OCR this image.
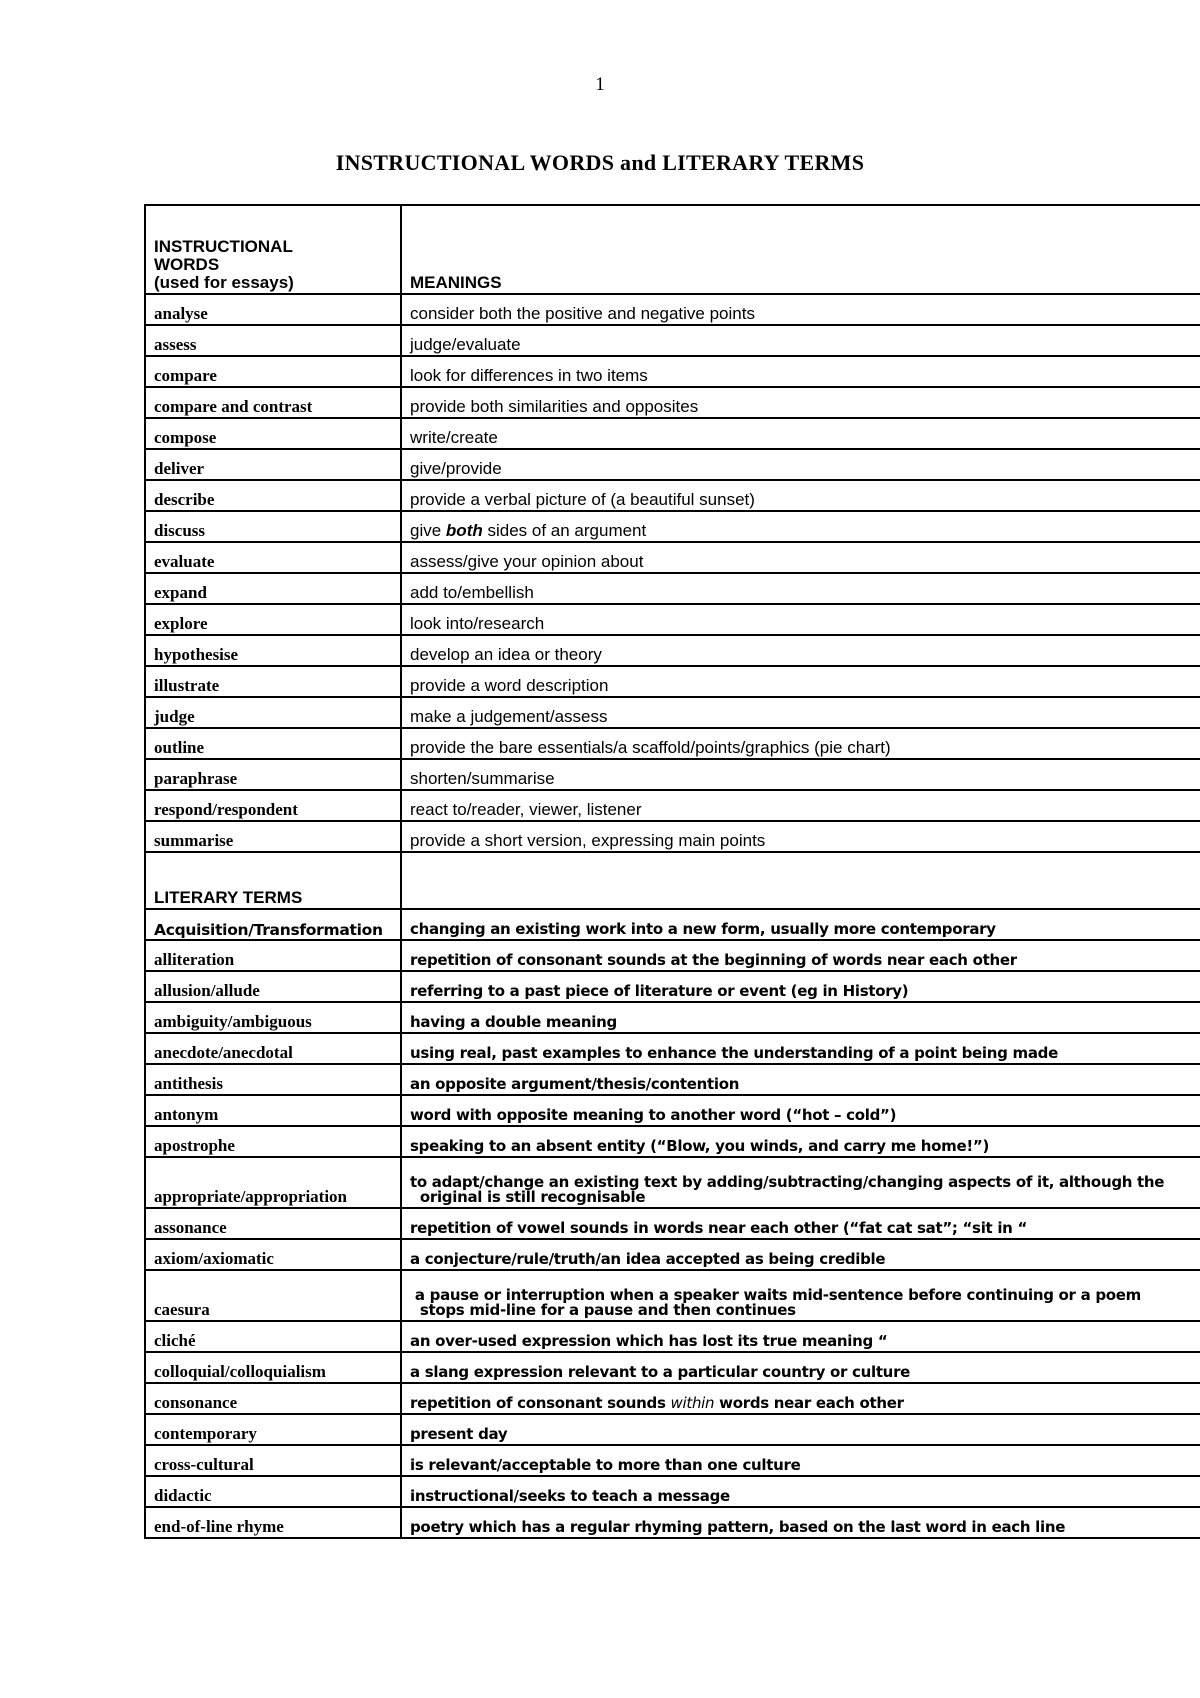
1
INSTRUCTIONAL WORDS and LITERARY TERMS
INSTRUCTIONAL
WORDS
(used for essays)	MEANINGS
analyse	consider both the positive and negative points
assess	judge/evaluate
compare	look for differences in two items
compare and contrast	provide both similarities and opposites
compose	write/create
deliver	give/provide
describe	provide a verbal picture of (a beautiful sunset)
discuss	give both sides of an argument
evaluate	assess/give your opinion about
expand	add to/embellish
explore	look into/research
hypothesise	develop an idea or theory
illustrate	provide a word description
judge	make a judgement/assess
outline	provide the bare essentials/a scaffold/points/graphics (pie chart)
paraphrase	shorten/summarise
respond/respondent	react to/reader, viewer, listener
summarise	provide a short version, expressing main points
LITERARY TERMS	
Acquisition/Transformation	changing an existing work into a new form, usually more contemporary
alliteration	repetition of consonant sounds at the beginning of words near each other
allusion/allude	referring to a past piece of literature or event (eg in History)
ambiguity/ambiguous	having a double meaning
anecdote/anecdotal	using real, past examples to enhance the understanding of a point being made
antithesis	an opposite argument/thesis/contention
antonym	word with opposite meaning to another word (“hot – cold”)
apostrophe	speaking to an absent entity (“Blow, you winds, and carry me home!”)
appropriate/appropriation	to adapt/change an existing text by adding/subtracting/changing aspects of it, although the
original is still recognisable

assonance	repetition of vowel sounds in words near each other (“fat cat sat”; “sit in “
axiom/axiomatic	a conjecture/rule/truth/an idea accepted as being credible
caesura	a pause or interruption when a speaker waits mid-sentence before continuing or a poem
stops mid-line for a pause and then continues

cliché	an over-used expression which has lost its true meaning “
colloquial/colloquialism	a slang expression relevant to a particular country or culture
consonance	repetition of consonant sounds within words near each other
contemporary	present day
cross-cultural	is relevant/acceptable to more than one culture
didactic	instructional/seeks to teach a message
end-of-line rhyme	poetry which has a regular rhyming pattern, based on the last word in each line
